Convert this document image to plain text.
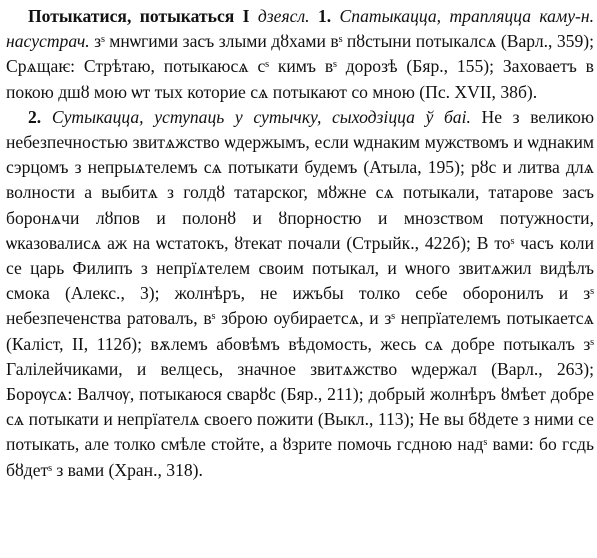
Потыкатися, потыкаться I дзеясл. 1. Спатыкацца, трапляцца каму-н. насустрач. зˢ мнѡгими засъ злыми дȣхами вˢ пȣстыни потыкалсѧ (Варл., 359); Срѧщаѥ: Стрѣтаю, потыкаюсѧ сˢ кимъ вˢ дорозѣ (Бяр., 155); Заховаетъ в покою дшȣ мою ѡт тых которие сѧ потыкают со мною (Пс. XVII, 38б).

2. Сутыкацца, уступаць у сутычку, сыходзіцца ў баі. Не з великою небезпечностью звитѧжство ѡдержымъ, если ѡднаким мужствомъ и ѡднаким сэрцомъ з непрыѧтелемъ сѧ потыкати будемъ (Атыла, 195); рȣс и литва длѧ волности а выбитѧ з голдȣ татарског, мȣжне сѧ потыкали, татарове засъ боронѧчи лȣпов и полонȣ и ȣпорностю и мнозством потужности, ѡказовалисѧ аж на ѡстатокъ, ȣтекат почали (Стрыйк., 422б); В тоˢ часъ коли се царь Филипъ з непрїѧтелем своим потыкал, и ѡного звитѧжил видѣлъ смока (Алекс., 3); жолнѣръ, не ижъбы толко себе оборонилъ и зˢ небезпеченства ратовалъ, вˢ зброю оубираетсѧ, и зˢ непрїателемъ потыкаетсѧ (Каліст, II, 112б); вѫлемъ абовѣмъ вѣдомость, жесь сѧ добре потыкалъ зˢ Галілейчиками, и велцесь, значное звитѧжство ѡдержал (Варл., 263); Борѹсѧ: Валчѹ, потыкаюся сварȣс (Бяр., 211); добрый жолнѣръ ȣмѣет добре сѧ потыкати и непрїателѧ своего пожити (Выкл., 113); Не вы бȣдете з ними се потыкать, але толко смѣле стойте, а ȣзрите помочь гсдною надˢ вами: бо гсдь бȣдетˢ з вами (Хран., 318).
